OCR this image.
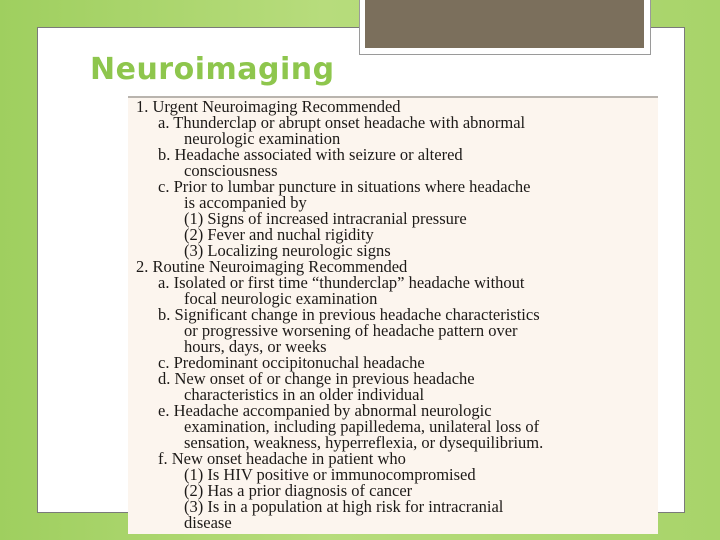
Neuroimaging
1. Urgent Neuroimaging Recommended
a. Thunderclap or abrupt onset headache with abnormal
neurologic examination
b. Headache associated with seizure or altered
consciousness
c. Prior to lumbar puncture in situations where headache
is accompanied by
(1) Signs of increased intracranial pressure
(2) Fever and nuchal rigidity
(3) Localizing neurologic signs
2. Routine Neuroimaging Recommended
a. Isolated or first time “thunderclap” headache without
focal neurologic examination
b. Significant change in previous headache characteristics
or progressive worsening of headache pattern over
hours, days, or weeks
c. Predominant occipitonuchal headache
d. New onset of or change in previous headache
characteristics in an older individual
e. Headache accompanied by abnormal neurologic
examination, including papilledema, unilateral loss of
sensation, weakness, hyperreflexia, or dysequilibrium.
f. New onset headache in patient who
(1) Is HIV positive or immunocompromised
(2) Has a prior diagnosis of cancer
(3) Is in a population at high risk for intracranial
disease
